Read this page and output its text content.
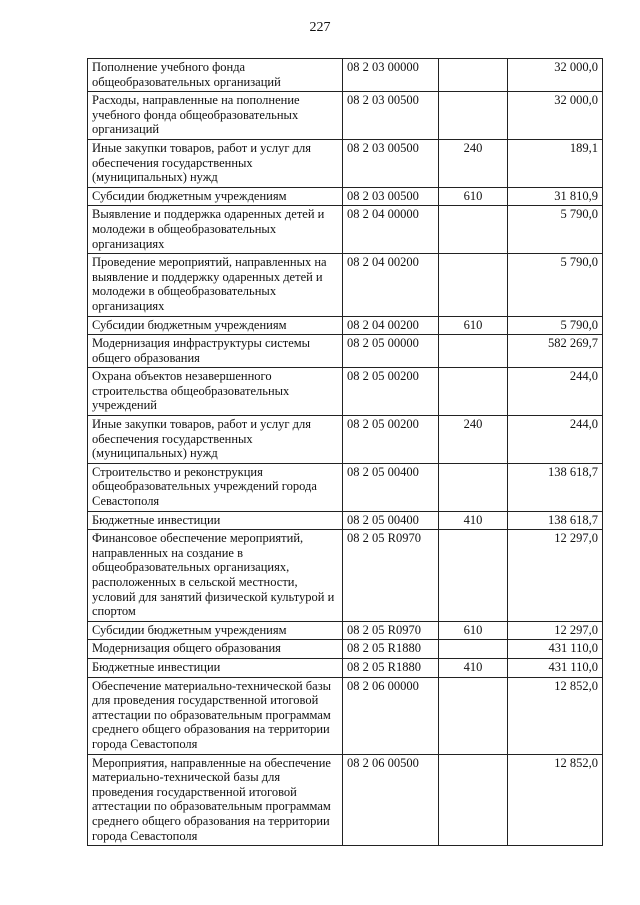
227
Пополнение учебного фонда общеобразовательных организаций	08 2 03 00000		32 000,0
Расходы, направленные на пополнение учебного фонда общеобразовательных организаций	08 2 03 00500		32 000,0
Иные закупки товаров, работ и услуг для обеспечения государственных (муниципальных) нужд	08 2 03 00500	240	189,1
Субсидии бюджетным учреждениям	08 2 03 00500	610	31 810,9
Выявление и поддержка одаренных детей и молодежи в общеобразовательных организациях	08 2 04 00000		5 790,0
Проведение мероприятий, направленных на выявление и поддержку одаренных детей и молодежи в общеобразовательных организациях	08 2 04 00200		5 790,0
Субсидии бюджетным учреждениям	08 2 04 00200	610	5 790,0
Модернизация инфраструктуры системы общего образования	08 2 05 00000		582 269,7
Охрана объектов незавершенного строительства общеобразовательных учреждений	08 2 05 00200		244,0
Иные закупки товаров, работ и услуг для обеспечения государственных (муниципальных) нужд	08 2 05 00200	240	244,0
Строительство и реконструкция общеобразовательных учреждений города Севастополя	08 2 05 00400		138 618,7
Бюджетные инвестиции	08 2 05 00400	410	138 618,7
Финансовое обеспечение мероприятий, направленных на создание в общеобразовательных организациях, расположенных в сельской местности, условий для занятий физической культурой и спортом	08 2 05 R0970		12 297,0
Субсидии бюджетным учреждениям	08 2 05 R0970	610	12 297,0
Модернизация общего образования	08 2 05 R1880		431 110,0
Бюджетные инвестиции	08 2 05 R1880	410	431 110,0
Обеспечение материально-технической базы для проведения государственной итоговой аттестации по образовательным программам среднего общего образования на территории города Севастополя	08 2 06 00000		12 852,0
Мероприятия, направленные на обеспечение материально-технической базы для проведения государственной итоговой аттестации по образовательным программам среднего общего образования на территории города Севастополя	08 2 06 00500		12 852,0
